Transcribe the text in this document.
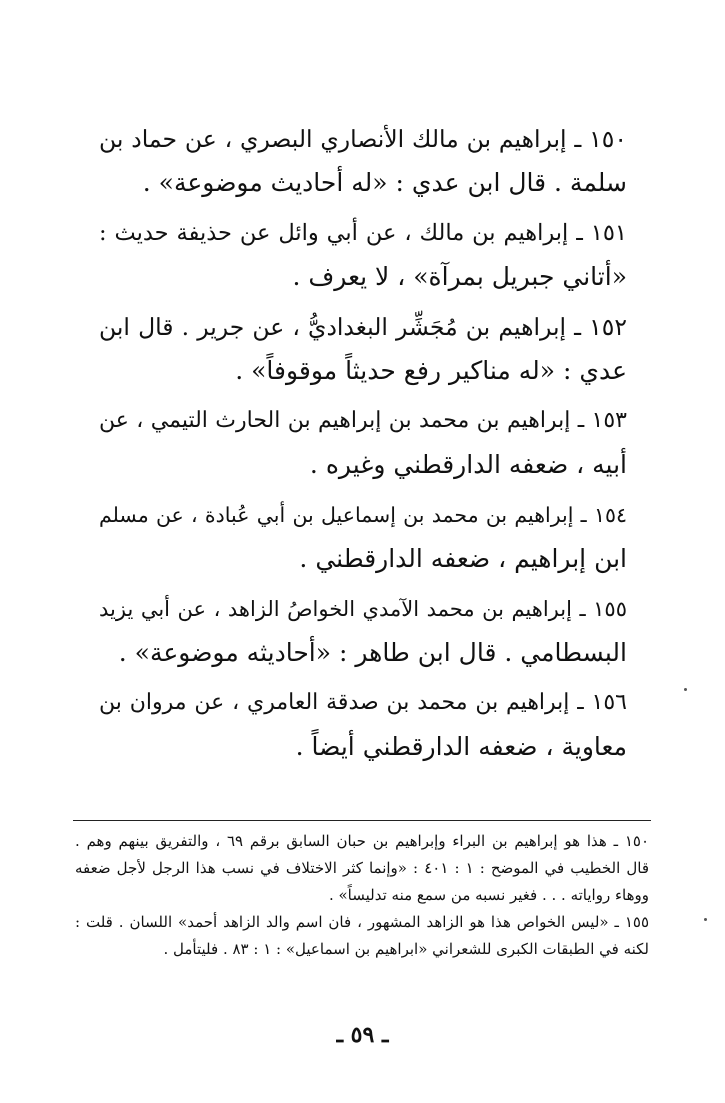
١٥٠ ـ إبراهيم بن مالك الأنصاري البصري ، عن حماد بن
سلمة . قال ابن عدي : «له أحاديث موضوعة» .
١٥١ ـ إبراهيم بن مالك ، عن أبي وائل عن حذيفة حديث :
«أتاني جبريل بمرآة» ، لا يعرف .
١٥٢ ـ إبراهيم بن مُجَشِّر البغداديُّ ، عن جرير . قال ابن
عدي : «له مناكير رفع حديثاً موقوفاً» .
١٥٣ ـ إبراهيم بن محمد بن إبراهيم بن الحارث التيمي ، عن
أبيه ، ضعفه الدارقطني وغيره .
١٥٤ ـ إبراهيم بن محمد بن إسماعيل بن أبي عُبادة ، عن مسلم
ابن إبراهيم ، ضعفه الدارقطني .
١٥٥ ـ إبراهيم بن محمد الآمدي الخواصُ الزاهد ، عن أبي يزيد
البسطامي . قال ابن طاهر : «أحاديثه موضوعة» .
١٥٦ ـ إبراهيم بن محمد بن صدقة العامري ، عن مروان بن
معاوية ، ضعفه الدارقطني أيضاً .
١٥٠ ـ هذا هو إبراهيم بن البراء وإبراهيم بن حبان السابق برقم ٦٩ ، والتفريق بينهم وهم .
قال الخطيب في الموضح : ١ : ٤٠١ : «وإنما كثر الاختلاف في نسب هذا الرجل لأجل ضعفه
ووهاء رواياته . . . فغير نسبه من سمع منه تدليساً» .
١٥٥ ـ «ليس الخواص هذا هو الزاهد المشهور ، فان اسم والد الزاهد أحمد» اللسان . قلت :
لكنه في الطبقات الكبرى للشعراني «ابراهيم بن اسماعيل» : ١ : ٨٣ . فليتأمل .
ـ ٥٩ ـ
